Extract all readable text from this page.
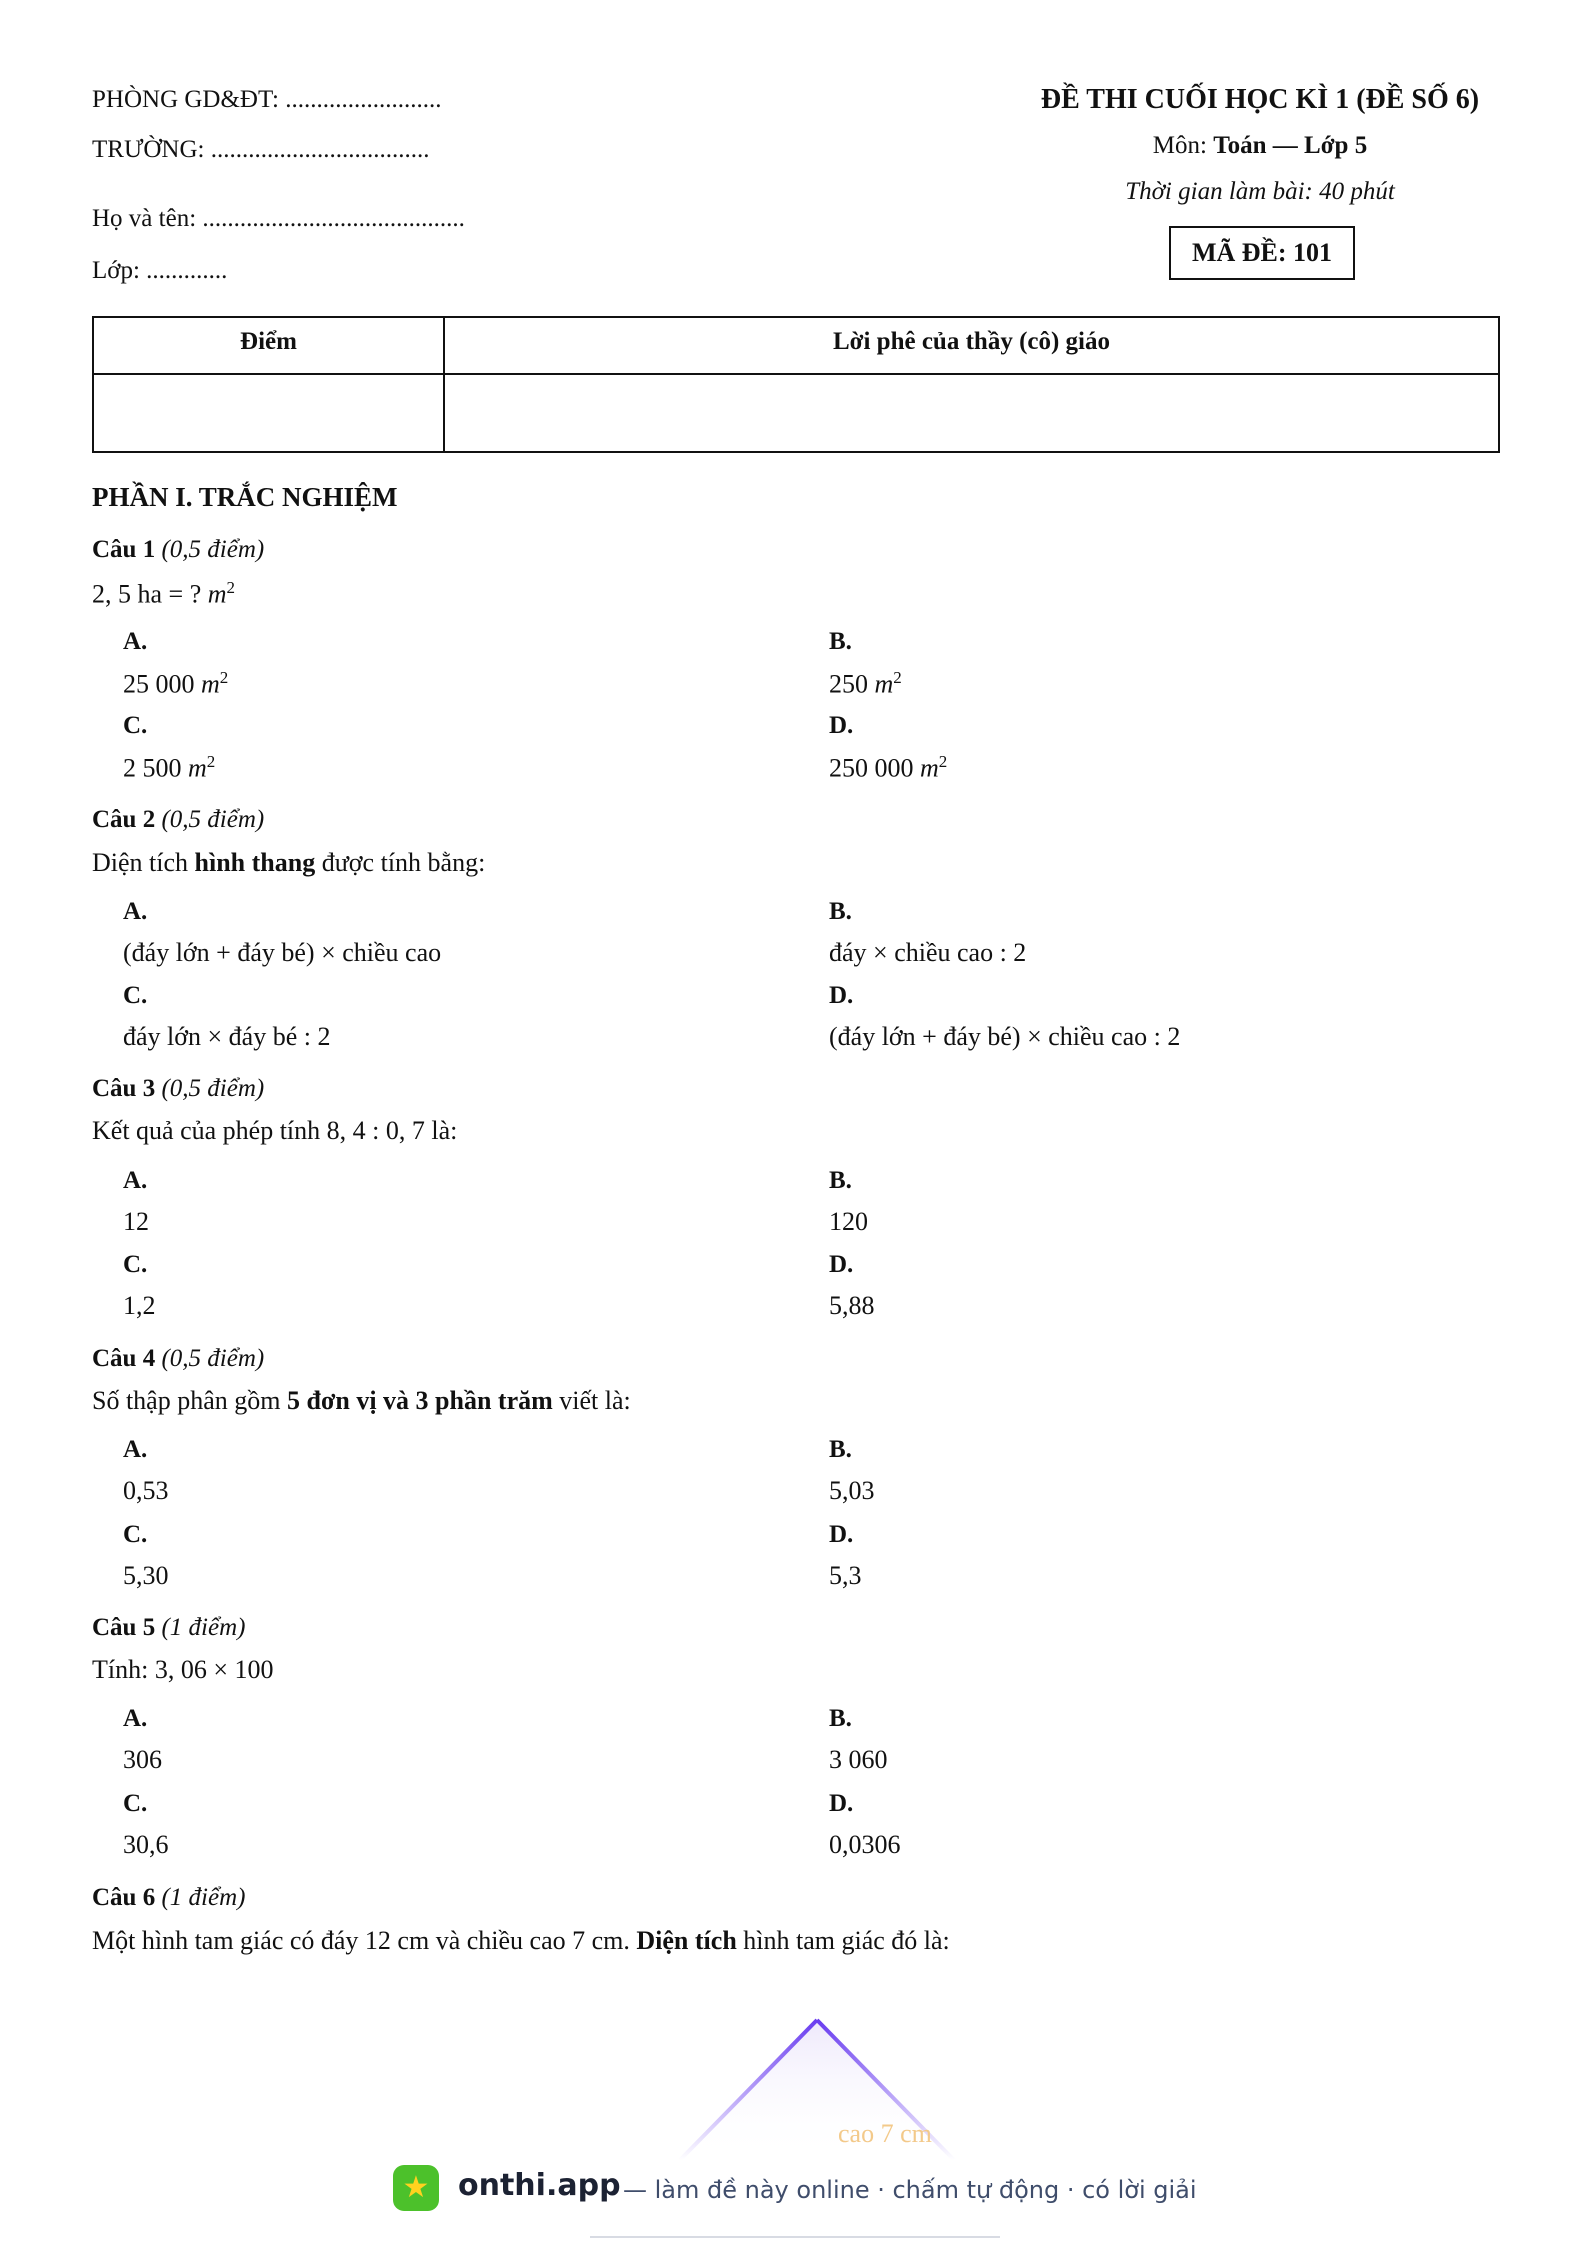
PHÒNG GD&ĐT: .........................
TRƯỜNG: ...................................
Họ và tên: ..........................................
Lớp: .............
ĐỀ THI CUỐI HỌC KÌ 1 (ĐỀ SỐ 6)
Môn: Toán — Lớp 5
Thời gian làm bài: 40 phút
MÃ ĐỀ: 101
Điểm	Lời phê của thầy (cô) giáo
PHẦN I. TRẮC NGHIỆM
Câu 1 (0,5 điểm)
2, 5 ha = ? $m^2$
A.
25 000 $m^2$
B.
250 $m^2$
C.
2 500 $m^2$
D.
250 000 $m^2$
Câu 2 (0,5 điểm)
Diện tích hình thang được tính bằng:
A.
(đáy lớn + đáy bé) × chiều cao
B.
đáy × chiều cao : 2
C.
đáy lớn × đáy bé : 2
D.
(đáy lớn + đáy bé) × chiều cao : 2
Câu 3 (0,5 điểm)
Kết quả của phép tính 8, 4 : 0, 7 là:
A.
12
B.
120
C.
1,2
D.
5,88
Câu 4 (0,5 điểm)
Số thập phân gồm 5 đơn vị và 3 phần trăm viết là:
A.
0,53
B.
5,03
C.
5,30
D.
5,3
Câu 5 (1 điểm)
Tính: 3, 06 × 100
A.
306
B.
3 060
C.
30,6
D.
0,0306
Câu 6 (1 điểm)
Một hình tam giác có đáy 12 cm và chiều cao 7 cm. Diện tích hình tam giác đó là:
cao 7 cm
★ onthi.app — làm đề này online · chấm tự động · có lời giải
